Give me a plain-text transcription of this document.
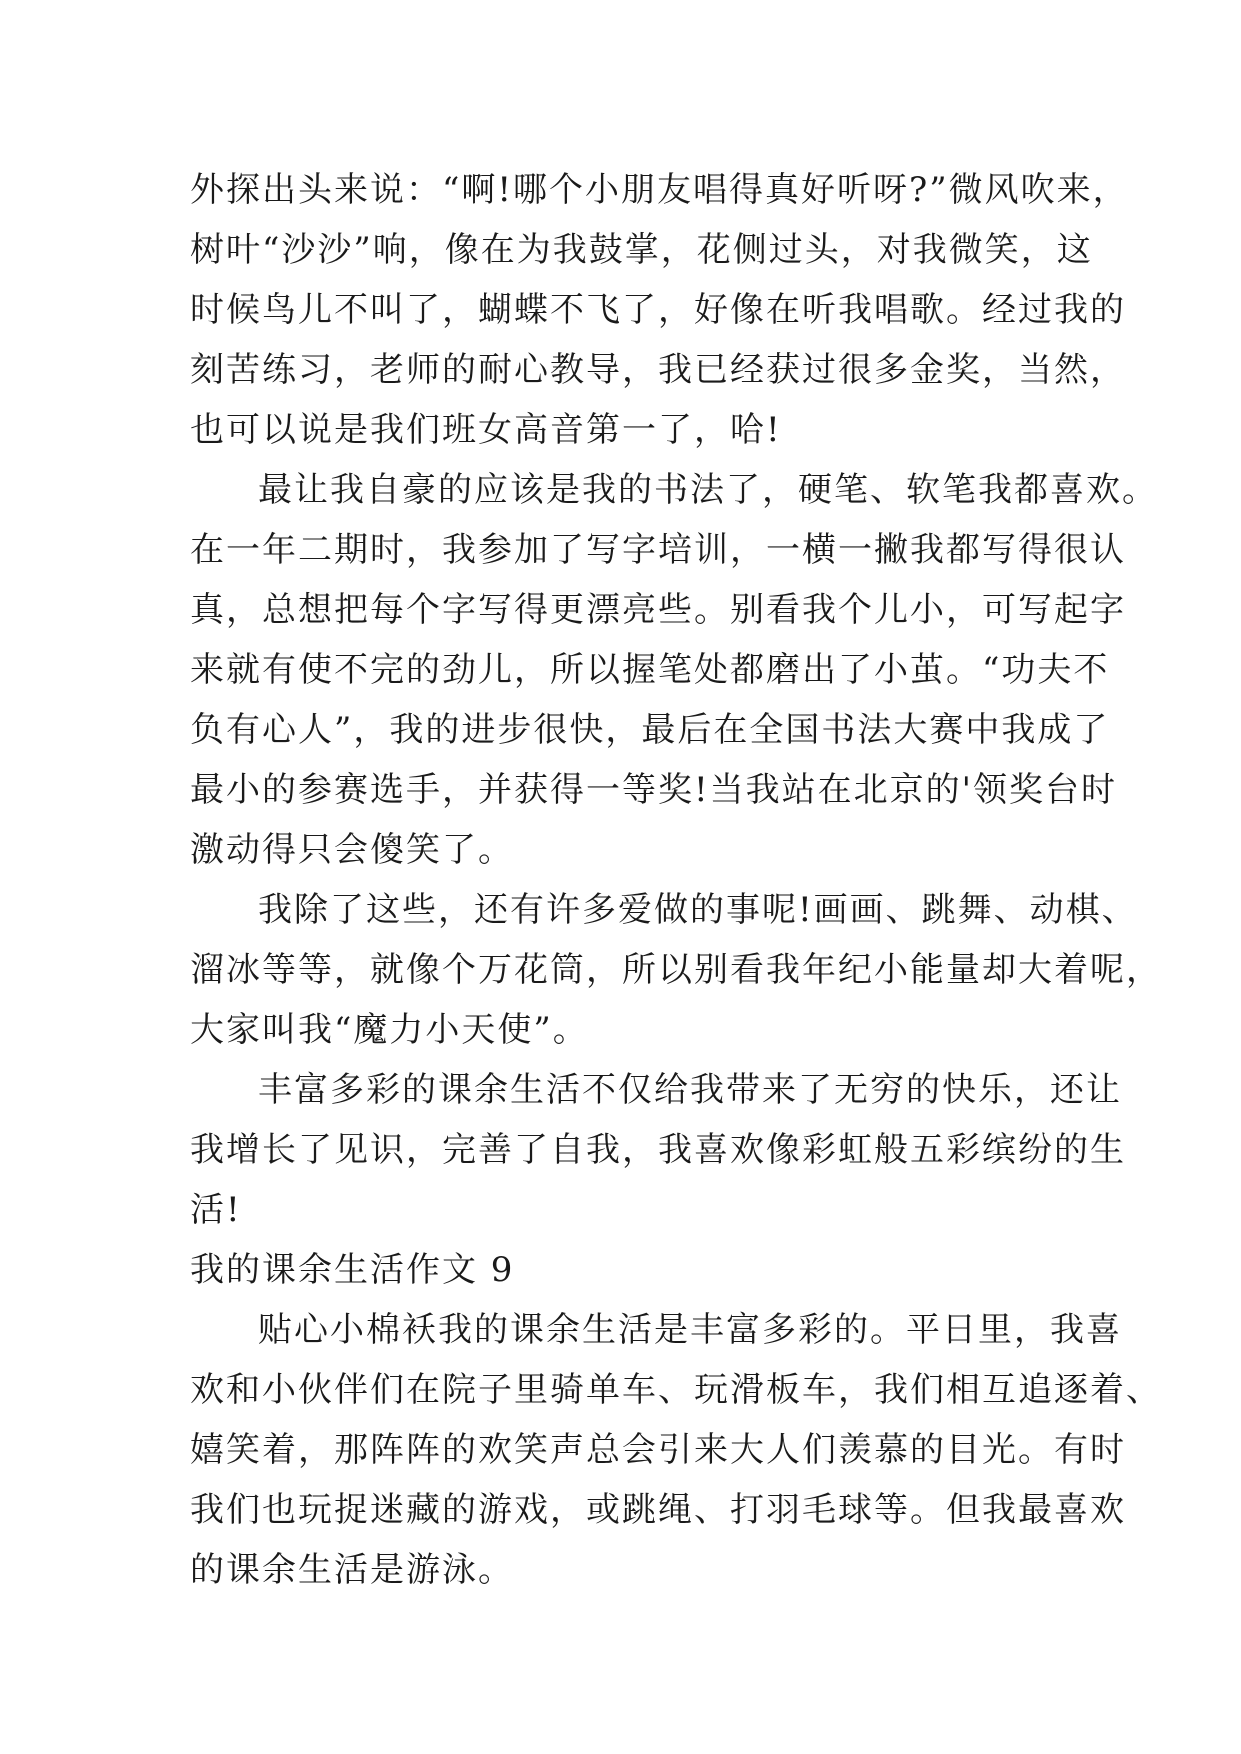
外探出头来说：“啊!哪个小朋友唱得真好听呀?”微风吹来，
树叶“沙沙”响，像在为我鼓掌，花侧过头，对我微笑，这
时候鸟儿不叫了，蝴蝶不飞了，好像在听我唱歌。经过我的
刻苦练习，老师的耐心教导，我已经获过很多金奖，当然，
也可以说是我们班女高音第一了，哈!
最让我自豪的应该是我的书法了，硬笔、软笔我都喜欢。
在一年二期时，我参加了写字培训，一横一撇我都写得很认
真，总想把每个字写得更漂亮些。别看我个儿小，可写起字
来就有使不完的劲儿，所以握笔处都磨出了小茧。“功夫不
负有心人”，我的进步很快，最后在全国书法大赛中我成了
最小的参赛选手，并获得一等奖!当我站在北京的'领奖台时
激动得只会傻笑了。
我除了这些，还有许多爱做的事呢!画画、跳舞、动棋、
溜冰等等，就像个万花筒，所以别看我年纪小能量却大着呢，
大家叫我“魔力小天使”。
丰富多彩的课余生活不仅给我带来了无穷的快乐，还让
我增长了见识，完善了自我，我喜欢像彩虹般五彩缤纷的生
活!
我的课余生活作文 9
贴心小棉袄我的课余生活是丰富多彩的。平日里，我喜
欢和小伙伴们在院子里骑单车、玩滑板车，我们相互追逐着、
嬉笑着，那阵阵的欢笑声总会引来大人们羡慕的目光。有时
我们也玩捉迷藏的游戏，或跳绳、打羽毛球等。但我最喜欢
的课余生活是游泳。
